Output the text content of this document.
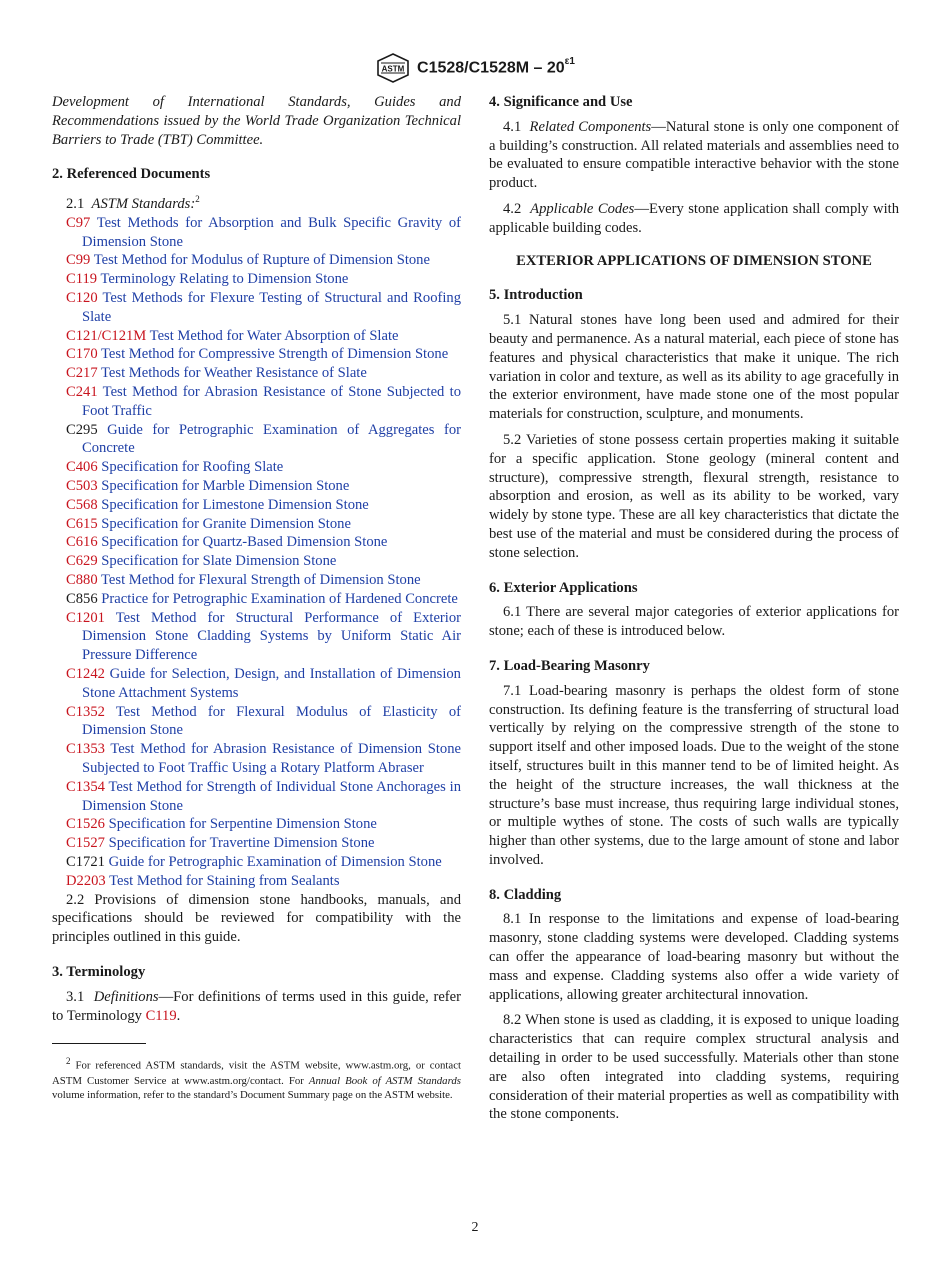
ASTM $C1528/C1528M - 20^{\varepsilon 1}$

Development of International Standards, Guides and Recommendations issued by the World Trade Organization Technical Barriers to Trade (TBT) Committee.

2. Referenced Documents

2.1 ASTM Standards:$^2$

C97 Test Methods for Absorption and Bulk Specific Gravity of Dimension Stone

C99 Test Method for Modulus of Rupture of Dimension Stone

C119 Terminology Relating to Dimension Stone

C120 Test Methods for Flexure Testing of Structural and Roofing Slate

C121/C121M Test Method for Water Absorption of Slate

C170 Test Method for Compressive Strength of Dimension Stone

C217 Test Methods for Weather Resistance of Slate

C241 Test Method for Abrasion Resistance of Stone Subjected to Foot Traffic

C295 Guide for Petrographic Examination of Aggregates for Concrete

C406 Specification for Roofing Slate

C503 Specification for Marble Dimension Stone

C568 Specification for Limestone Dimension Stone

C615 Specification for Granite Dimension Stone

C616 Specification for Quartz-Based Dimension Stone

C629 Specification for Slate Dimension Stone

C880 Test Method for Flexural Strength of Dimension Stone

C856 Practice for Petrographic Examination of Hardened Concrete

C1201 Test Method for Structural Performance of Exterior Dimension Stone Cladding Systems by Uniform Static Air Pressure Difference

C1242 Guide for Selection, Design, and Installation of Dimension Stone Attachment Systems

C1352 Test Method for Flexural Modulus of Elasticity of Dimension Stone

C1353 Test Method for Abrasion Resistance of Dimension Stone Subjected to Foot Traffic Using a Rotary Platform Abraser

C1354 Test Method for Strength of Individual Stone Anchorages in Dimension Stone

C1526 Specification for Serpentine Dimension Stone

C1527 Specification for Travertine Dimension Stone

C1721 Guide for Petrographic Examination of Dimension Stone

D2203 Test Method for Staining from Sealants

2.2 Provisions of dimension stone handbooks, manuals, and specifications should be reviewed for compatibility with the principles outlined in this guide.

3. Terminology

3.1 Definitions—For definitions of terms used in this guide, refer to Terminology C119.

$^2$ For referenced ASTM standards, visit the ASTM website, www.astm.org, or contact ASTM Customer Service at www.astm.org/contact. For Annual Book of ASTM Standards volume information, refer to the standard’s Document Summary page on the ASTM website.

4. Significance and Use

4.1 Related Components—Natural stone is only one component of a building’s construction. All related materials and assemblies need to be evaluated to ensure compatible interactive behavior with the stone product.

4.2 Applicable Codes—Every stone application shall comply with applicable building codes.

EXTERIOR APPLICATIONS OF DIMENSION STONE

5. Introduction

5.1 Natural stones have long been used and admired for their beauty and permanence. As a natural material, each piece of stone has features and physical characteristics that make it unique. The rich variation in color and texture, as well as its ability to age gracefully in the exterior environment, have made stone one of the most popular materials for construction, sculpture, and monuments.

5.2 Varieties of stone possess certain properties making it suitable for a specific application. Stone geology (mineral content and structure), compressive strength, flexural strength, resistance to absorption and erosion, as well as its ability to be worked, vary widely by stone type. These are all key characteristics that dictate the best use of the material and must be considered during the process of stone selection.

6. Exterior Applications

6.1 There are several major categories of exterior applications for stone; each of these is introduced below.

7. Load-Bearing Masonry

7.1 Load-bearing masonry is perhaps the oldest form of stone construction. Its defining feature is the transferring of structural load vertically by relying on the compressive strength of the stone to support itself and other imposed loads. Due to the weight of the stone itself, structures built in this manner tend to be of limited height. As the height of the structure increases, the wall thickness at the structure’s base must increase, thus requiring large individual stones, or multiple wythes of stone. The costs of such walls are typically higher than other systems, due to the large amount of stone and labor involved.

8. Cladding

8.1 In response to the limitations and expense of load-bearing masonry, stone cladding systems were developed. Cladding systems can offer the appearance of load-bearing masonry but without the mass and expense. Cladding systems also offer a wide variety of applications, allowing greater architectural innovation.

8.2 When stone is used as cladding, it is exposed to unique loading characteristics that can require complex structural analysis and detailing in order to be used successfully. Materials other than stone are also often integrated into cladding systems, requiring consideration of their material properties as well as compatibility with the stone components.

2
